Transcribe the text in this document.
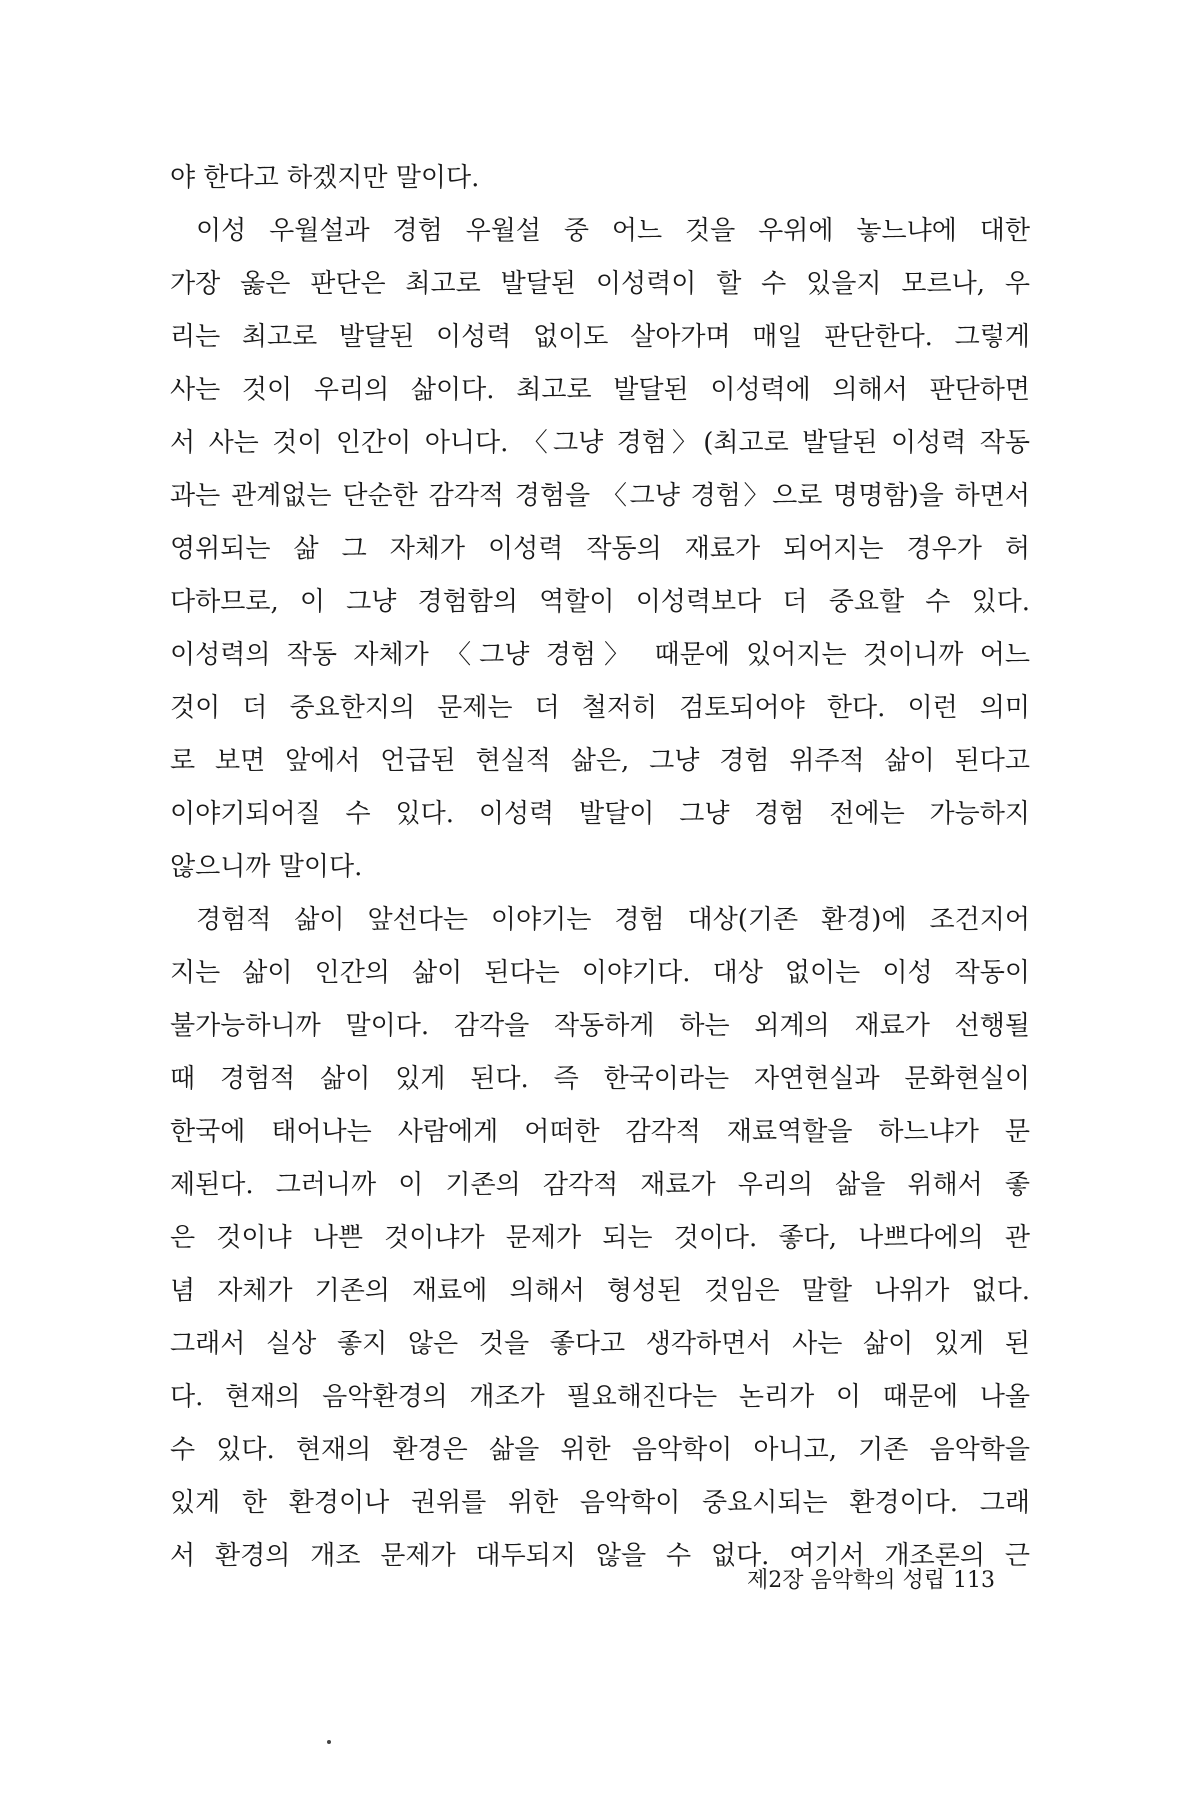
야 한다고 하겠지만 말이다.
이성 우월설과 경험 우월설 중 어느 것을 우위에 놓느냐에 대한
가장 옳은 판단은 최고로 발달된 이성력이 할 수 있을지 모르나, 우
리는 최고로 발달된 이성력 없이도 살아가며 매일 판단한다. 그렇게
사는 것이 우리의 삶이다. 최고로 발달된 이성력에 의해서 판단하면
서 사는 것이 인간이 아니다. 〈그냥 경험〉(최고로 발달된 이성력 작동
과는 관계없는 단순한 감각적 경험을 〈그냥 경험〉으로 명명함)을 하면서
영위되는 삶 그 자체가 이성력 작동의 재료가 되어지는 경우가 허
다하므로, 이 그냥 경험함의 역할이 이성력보다 더 중요할 수 있다.
이성력의 작동 자체가 〈그냥 경험〉 때문에 있어지는 것이니까 어느
것이 더 중요한지의 문제는 더 철저히 검토되어야 한다. 이런 의미
로 보면 앞에서 언급된 현실적 삶은, 그냥 경험 위주적 삶이 된다고
이야기되어질 수 있다. 이성력 발달이 그냥 경험 전에는 가능하지
않으니까 말이다.
경험적 삶이 앞선다는 이야기는 경험 대상(기존 환경)에 조건지어
지는 삶이 인간의 삶이 된다는 이야기다. 대상 없이는 이성 작동이
불가능하니까 말이다. 감각을 작동하게 하는 외계의 재료가 선행될
때 경험적 삶이 있게 된다. 즉 한국이라는 자연현실과 문화현실이
한국에 태어나는 사람에게 어떠한 감각적 재료역할을 하느냐가 문
제된다. 그러니까 이 기존의 감각적 재료가 우리의 삶을 위해서 좋
은 것이냐 나쁜 것이냐가 문제가 되는 것이다. 좋다, 나쁘다에의 관
념 자체가 기존의 재료에 의해서 형성된 것임은 말할 나위가 없다.
그래서 실상 좋지 않은 것을 좋다고 생각하면서 사는 삶이 있게 된
다. 현재의 음악환경의 개조가 필요해진다는 논리가 이 때문에 나올
수 있다. 현재의 환경은 삶을 위한 음악학이 아니고, 기존 음악학을
있게 한 환경이나 권위를 위한 음악학이 중요시되는 환경이다. 그래
서 환경의 개조 문제가 대두되지 않을 수 없다. 여기서 개조론의 근
제2장 음악학의 성립 113
